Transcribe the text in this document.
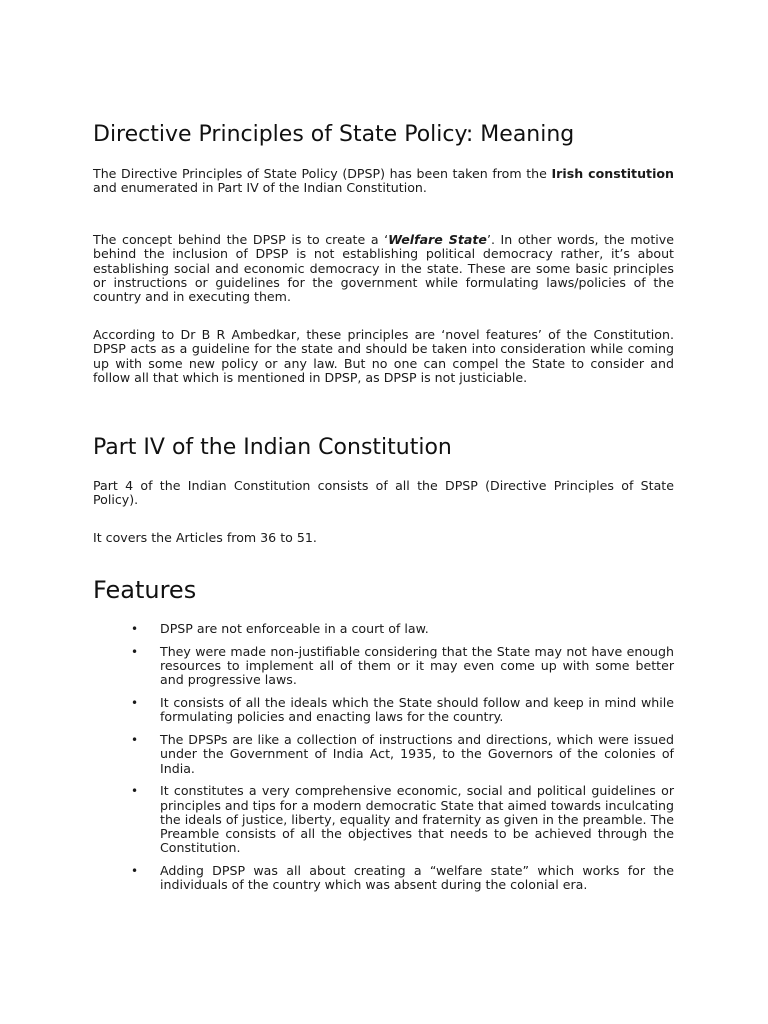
Directive Principles of State Policy: Meaning

The Directive Principles of State Policy (DPSP) has been taken from the Irish constitution and enumerated in Part IV of the Indian Constitution.

The concept behind the DPSP is to create a ‘Welfare State’. In other words, the motive behind the inclusion of DPSP is not establishing political democracy rather, it’s about establishing social and economic democracy in the state. These are some basic principles or instructions or guidelines for the government while formulating laws/policies of the country and in executing them.

According to Dr B R Ambedkar, these principles are ‘novel features’ of the Constitution. DPSP acts as a guideline for the state and should be taken into consideration while coming up with some new policy or any law. But no one can compel the State to consider and follow all that which is mentioned in DPSP, as DPSP is not justiciable.

Part IV of the Indian Constitution

Part 4 of the Indian Constitution consists of all the DPSP (Directive Principles of State Policy).

It covers the Articles from 36 to 51.

Features
• DPSP are not enforceable in a court of law.
• They were made non-justifiable considering that the State may not have enough resources to implement all of them or it may even come up with some better and progressive laws.
• It consists of all the ideals which the State should follow and keep in mind while formulating policies and enacting laws for the country.
• The DPSPs are like a collection of instructions and directions, which were issued under the Government of India Act, 1935, to the Governors of the colonies of India.
• It constitutes a very comprehensive economic, social and political guidelines or principles and tips for a modern democratic State that aimed towards inculcating the ideals of justice, liberty, equality and fraternity as given in the preamble. The Preamble consists of all the objectives that needs to be achieved through the Constitution.
• Adding DPSP was all about creating a “welfare state” which works for the individuals of the country which was absent during the colonial era.
